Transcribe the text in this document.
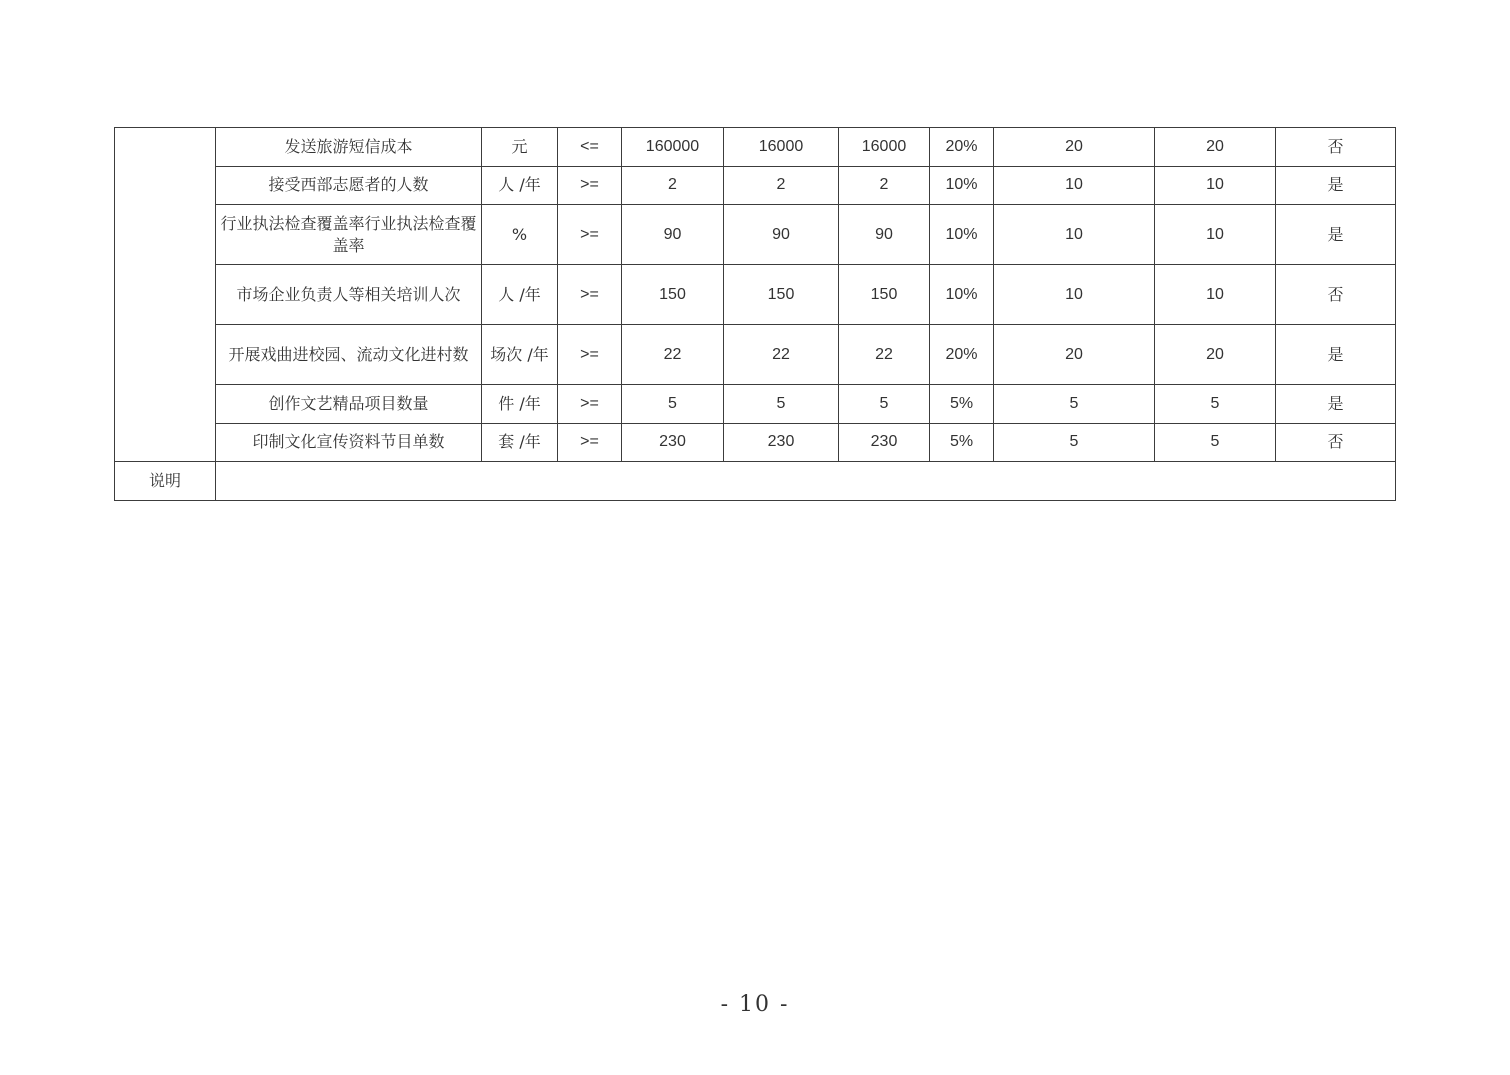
	发送旅游短信成本	元	<=	160000	16000	16000	20%	20	20	否
	接受西部志愿者的人数	人 /年	>=	2	2	2	10%	10	10	是
	行业执法检查覆盖率行业执法检查覆盖率	%	>=	90	90	90	10%	10	10	是
	市场企业负责人等相关培训人次	人 /年	>=	150	150	150	10%	10	10	否
	开展戏曲进校园、流动文化进村数	场次 /年	>=	22	22	22	20%	20	20	是
	创作文艺精品项目数量	件 /年	>=	5	5	5	5%	5	5	是
	印制文化宣传资料节目单数	套 /年	>=	230	230	230	5%	5	5	否
说明										
- 10 -
